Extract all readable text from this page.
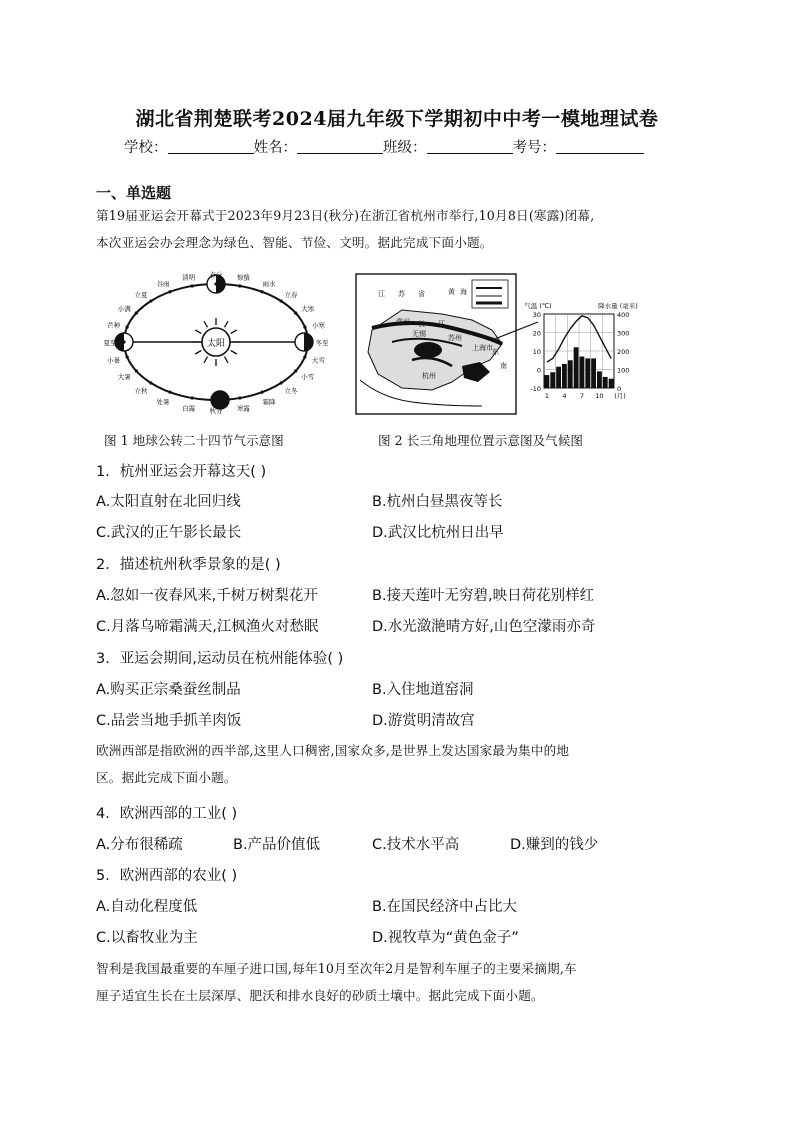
湖北省荆楚联考2024届九年级下学期初中中考一模地理试卷
学校：	姓名：	班级：	考号：
一、单选题
第19届亚运会开幕式于2023年9月23日(秋分)在浙江省杭州市举行,10月8日(寒露)闭幕,
本次亚运会办会理念为绿色、智能、节俭、文明。据此完成下面小题。
太阳
春分
清明
谷雨
立夏
小满
芒种
夏至
小暑
大暑
立秋
处暑
白露 秋分 寒露
霜降
立冬
小雪
大雪
冬至
小寒
大寒
立春
雨水
惊蛰
江 苏 省	黄 海
长 江
上海市
杭州
东
南
常州
无锡	苏州
30
20
10
0
-10
400
300
200
100
0
1 4 7 10 (月)
气温 (℃)	降水量 (毫米)
图 1 地球公转二十四节气示意图	图 2 长三角地理位置示意图及气候图
1．杭州亚运会开幕这天( )
A.太阳直射在北回归线	B.杭州白昼黑夜等长
C.武汉的正午影长最长	D.武汉比杭州日出早
2．描述杭州秋季景象的是( )
A.忽如一夜春风来,千树万树梨花开	B.接天莲叶无穷碧,映日荷花别样红
C.月落乌啼霜满天,江枫渔火对愁眠	D.水光潋滟晴方好,山色空濛雨亦奇
3．亚运会期间,运动员在杭州能体验( )
A.购买正宗桑蚕丝制品	B.入住地道窑洞
C.品尝当地手抓羊肉饭	D.游赏明清故宫
欧洲西部是指欧洲的西半部,这里人口稠密,国家众多,是世界上发达国家最为集中的地
区。据此完成下面小题。
4．欧洲西部的工业( )
A.分布很稀疏	B.产品价值低	C.技术水平高	D.赚到的钱少
5．欧洲西部的农业( )
A.自动化程度低	B.在国民经济中占比大
C.以畜牧业为主	D.视牧草为“黄色金子”
智利是我国最重要的车厘子进口国,每年10月至次年2月是智利车厘子的主要采摘期,车
厘子适宜生长在土层深厚、肥沃和排水良好的砂质土壤中。据此完成下面小题。
